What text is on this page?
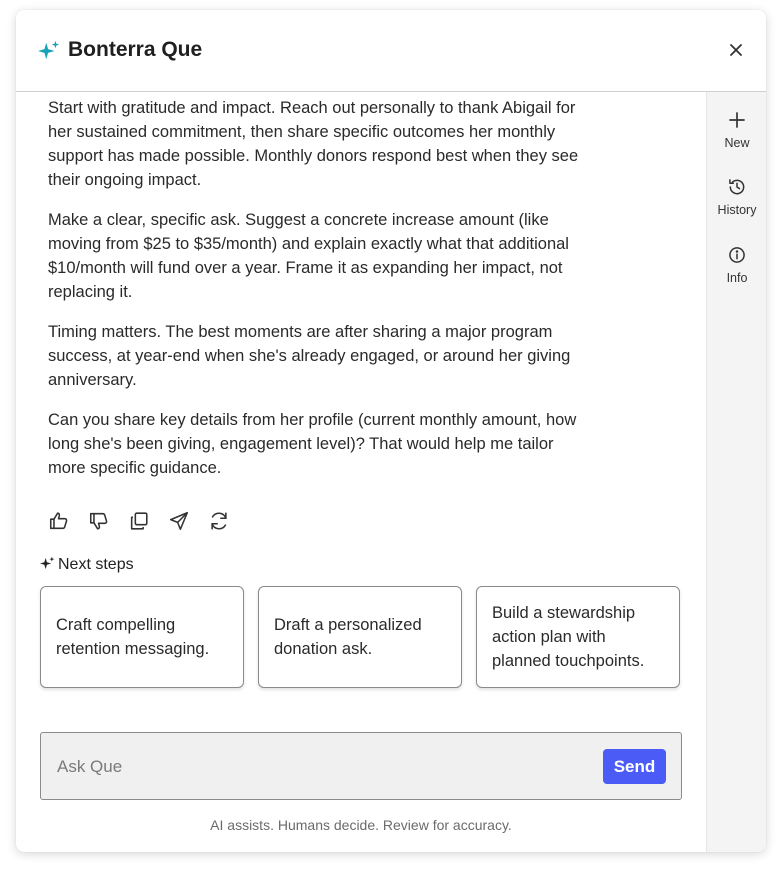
Bonterra Que

Start with gratitude and impact. Reach out personally to thank Abigail for her sustained commitment, then share specific outcomes her monthly support has made possible. Monthly donors respond best when they see their ongoing impact.

Make a clear, specific ask. Suggest a concrete increase amount (like moving from $25 to $35/month) and explain exactly what that additional $10/month will fund over a year. Frame it as expanding her impact, not replacing it.

Timing matters. The best moments are after sharing a major program success, at year-end when she's already engaged, or around her giving anniversary.

Can you share key details from her profile (current monthly amount, how long she's been giving, engagement level)? That would help me tailor more specific guidance.

Next steps
Craft compelling retention messaging.
Draft a personalized donation ask.
Build a stewardship action plan with planned touchpoints.
Ask Que
Send
AI assists. Humans decide. Review for accuracy.
New
History
Info
